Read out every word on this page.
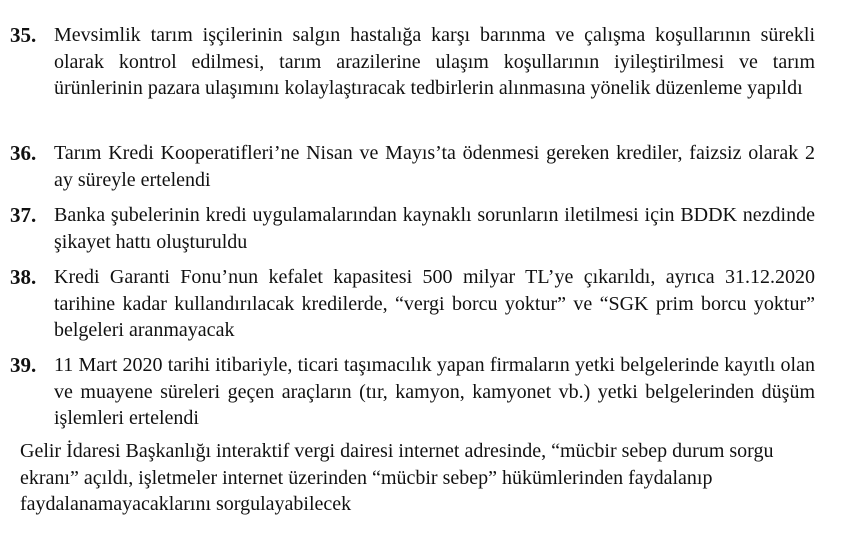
35. Mevsimlik tarım işçilerinin salgın hastalığa karşı barınma ve çalışma koşullarının sürekli olarak kontrol edilmesi, tarım arazilerine ulaşım koşullarının iyileştirilmesi ve tarım ürünlerinin pazara ulaşımını kolaylaştıracak tedbirlerin alınmasına yönelik düzenleme yapıldı
36. Tarım Kredi Kooperatifleri’ne Nisan ve Mayıs’ta ödenmesi gereken krediler, faizsiz olarak 2 ay süreyle ertelendi
37. Banka şubelerinin kredi uygulamalarından kaynaklı sorunların iletilmesi için BDDK nezdinde şikayet hattı oluşturuldu
38. Kredi Garanti Fonu’nun kefalet kapasitesi 500 milyar TL’ye çıkarıldı, ayrıca 31.12.2020 tarihine kadar kullandırılacak kredilerde, “vergi borcu yoktur” ve “SGK prim borcu yoktur” belgeleri aranmayacak
39. 11 Mart 2020 tarihi itibariyle, ticari taşımacılık yapan firmaların yetki belgelerinde kayıtlı olan ve muayene süreleri geçen araçların (tır, kamyon, kamyonet vb.) yetki belgelerinden düşüm işlemleri ertelendi
Gelir İdaresi Başkanlığı interaktif vergi dairesi internet adresinde, “mücbir sebep durum sorgu ekranı” açıldı, işletmeler internet üzerinden “mücbir sebep” hükümlerinden faydalanıp faydalanamayacaklarını sorgulayabilecek
